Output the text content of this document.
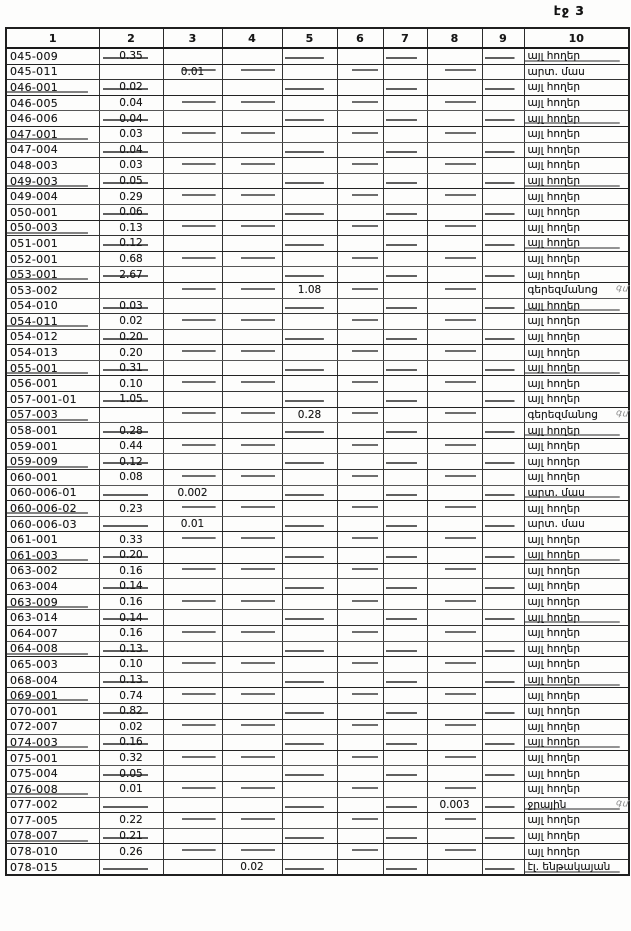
էջ 3
1	2	3	4	5	6	7	8	9	10
045-009	0.35								այլ հողեր
045-011		0.01							արտ. մաս
046-001	0.02								այլ հողեր
046-005	0.04								այլ հողեր
046-006	0.04								այլ հողեր
047-001	0.03								այլ հողեր
047-004	0.04								այլ հողեր
048-003	0.03								այլ հողեր
049-003	0.05								այլ հողեր
049-004	0.29								այլ հողեր
050-001	0.06								այլ հողեր
050-003	0.13								այլ հողեր
051-001	0.12								այլ հողեր
052-001	0.68								այլ հողեր
053-001	2.67								այլ հողեր
053-002				1.08					գերեզմանոց
054-010	0.03								այլ հողեր
054-011	0.02								այլ հողեր
054-012	0.20								այլ հողեր
054-013	0.20								այլ հողեր
055-001	0.31								այլ հողեր
056-001	0.10								այլ հողեր
057-001-01	1.05								այլ հողեր
057-003				0.28					գերեզմանոց
058-001	0.28								այլ հողեր
059-001	0.44								այլ հողեր
059-009	0.12								այլ հողեր
060-001	0.08								այլ հողեր
060-006-01		0.002							արտ. մաս
060-006-02	0.23								այլ հողեր
060-006-03		0.01							արտ. մաս
061-001	0.33								այլ հողեր
061-003	0.20								այլ հողեր
063-002	0.16								այլ հողեր
063-004	0.14								այլ հողեր
063-009	0.16								այլ հողեր
063-014	0.14								այլ հողեր
064-007	0.16								այլ հողեր
064-008	0.13								այլ հողեր
065-003	0.10								այլ հողեր
068-004	0.13								այլ հողեր
069-001	0.74								այլ հողեր
070-001	0.82								այլ հողեր
072-007	0.02								այլ հողեր
074-003	0.16								այլ հողեր
075-001	0.32								այլ հողեր
075-004	0.05								այլ հողեր
076-008	0.01								այլ հողեր
077-002							0.003		ջրային
077-005	0.22								այլ հողեր
078-007	0.21								այլ հողեր
078-010	0.26								այլ հողեր
078-015			0.02						էլ. ենթակայան
գմ
գմ
գմ
